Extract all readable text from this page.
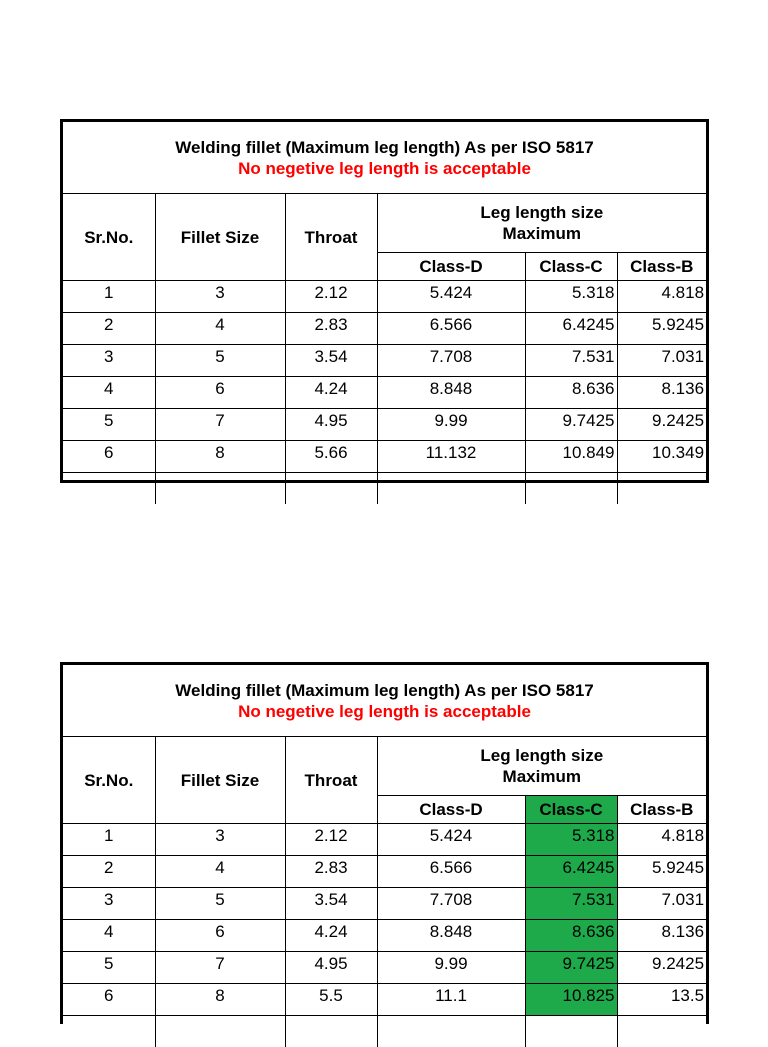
Welding fillet (Maximum leg length) As per ISO 5817
No negetive leg length is acceptable					

Sr.No.	Fillet Size	Throat	Leg length size
Maximum		

			Class-D	Class-C	Class-B
1	3	2.12	5.424	5.318	4.818
2	4	2.83	6.566	6.4245	5.9245
3	5	3.54	7.708	7.531	7.031
4	6	4.24	8.848	8.636	8.136
5	7	4.95	9.99	9.7425	9.2425
6	8	5.66	11.132	10.849	10.349

Welding fillet (Maximum leg length) As per ISO 5817
No negetive leg length is acceptable					

Sr.No.	Fillet Size	Throat	Leg length size
Maximum		

			Class-D	Class-C	Class-B
1	3	2.12	5.424	5.318	4.818
2	4	2.83	6.566	6.4245	5.9245
3	5	3.54	7.708	7.531	7.031
4	6	4.24	8.848	8.636	8.136
5	7	4.95	9.99	9.7425	9.2425
6	8	5.5	11.1	10.825	13.5
